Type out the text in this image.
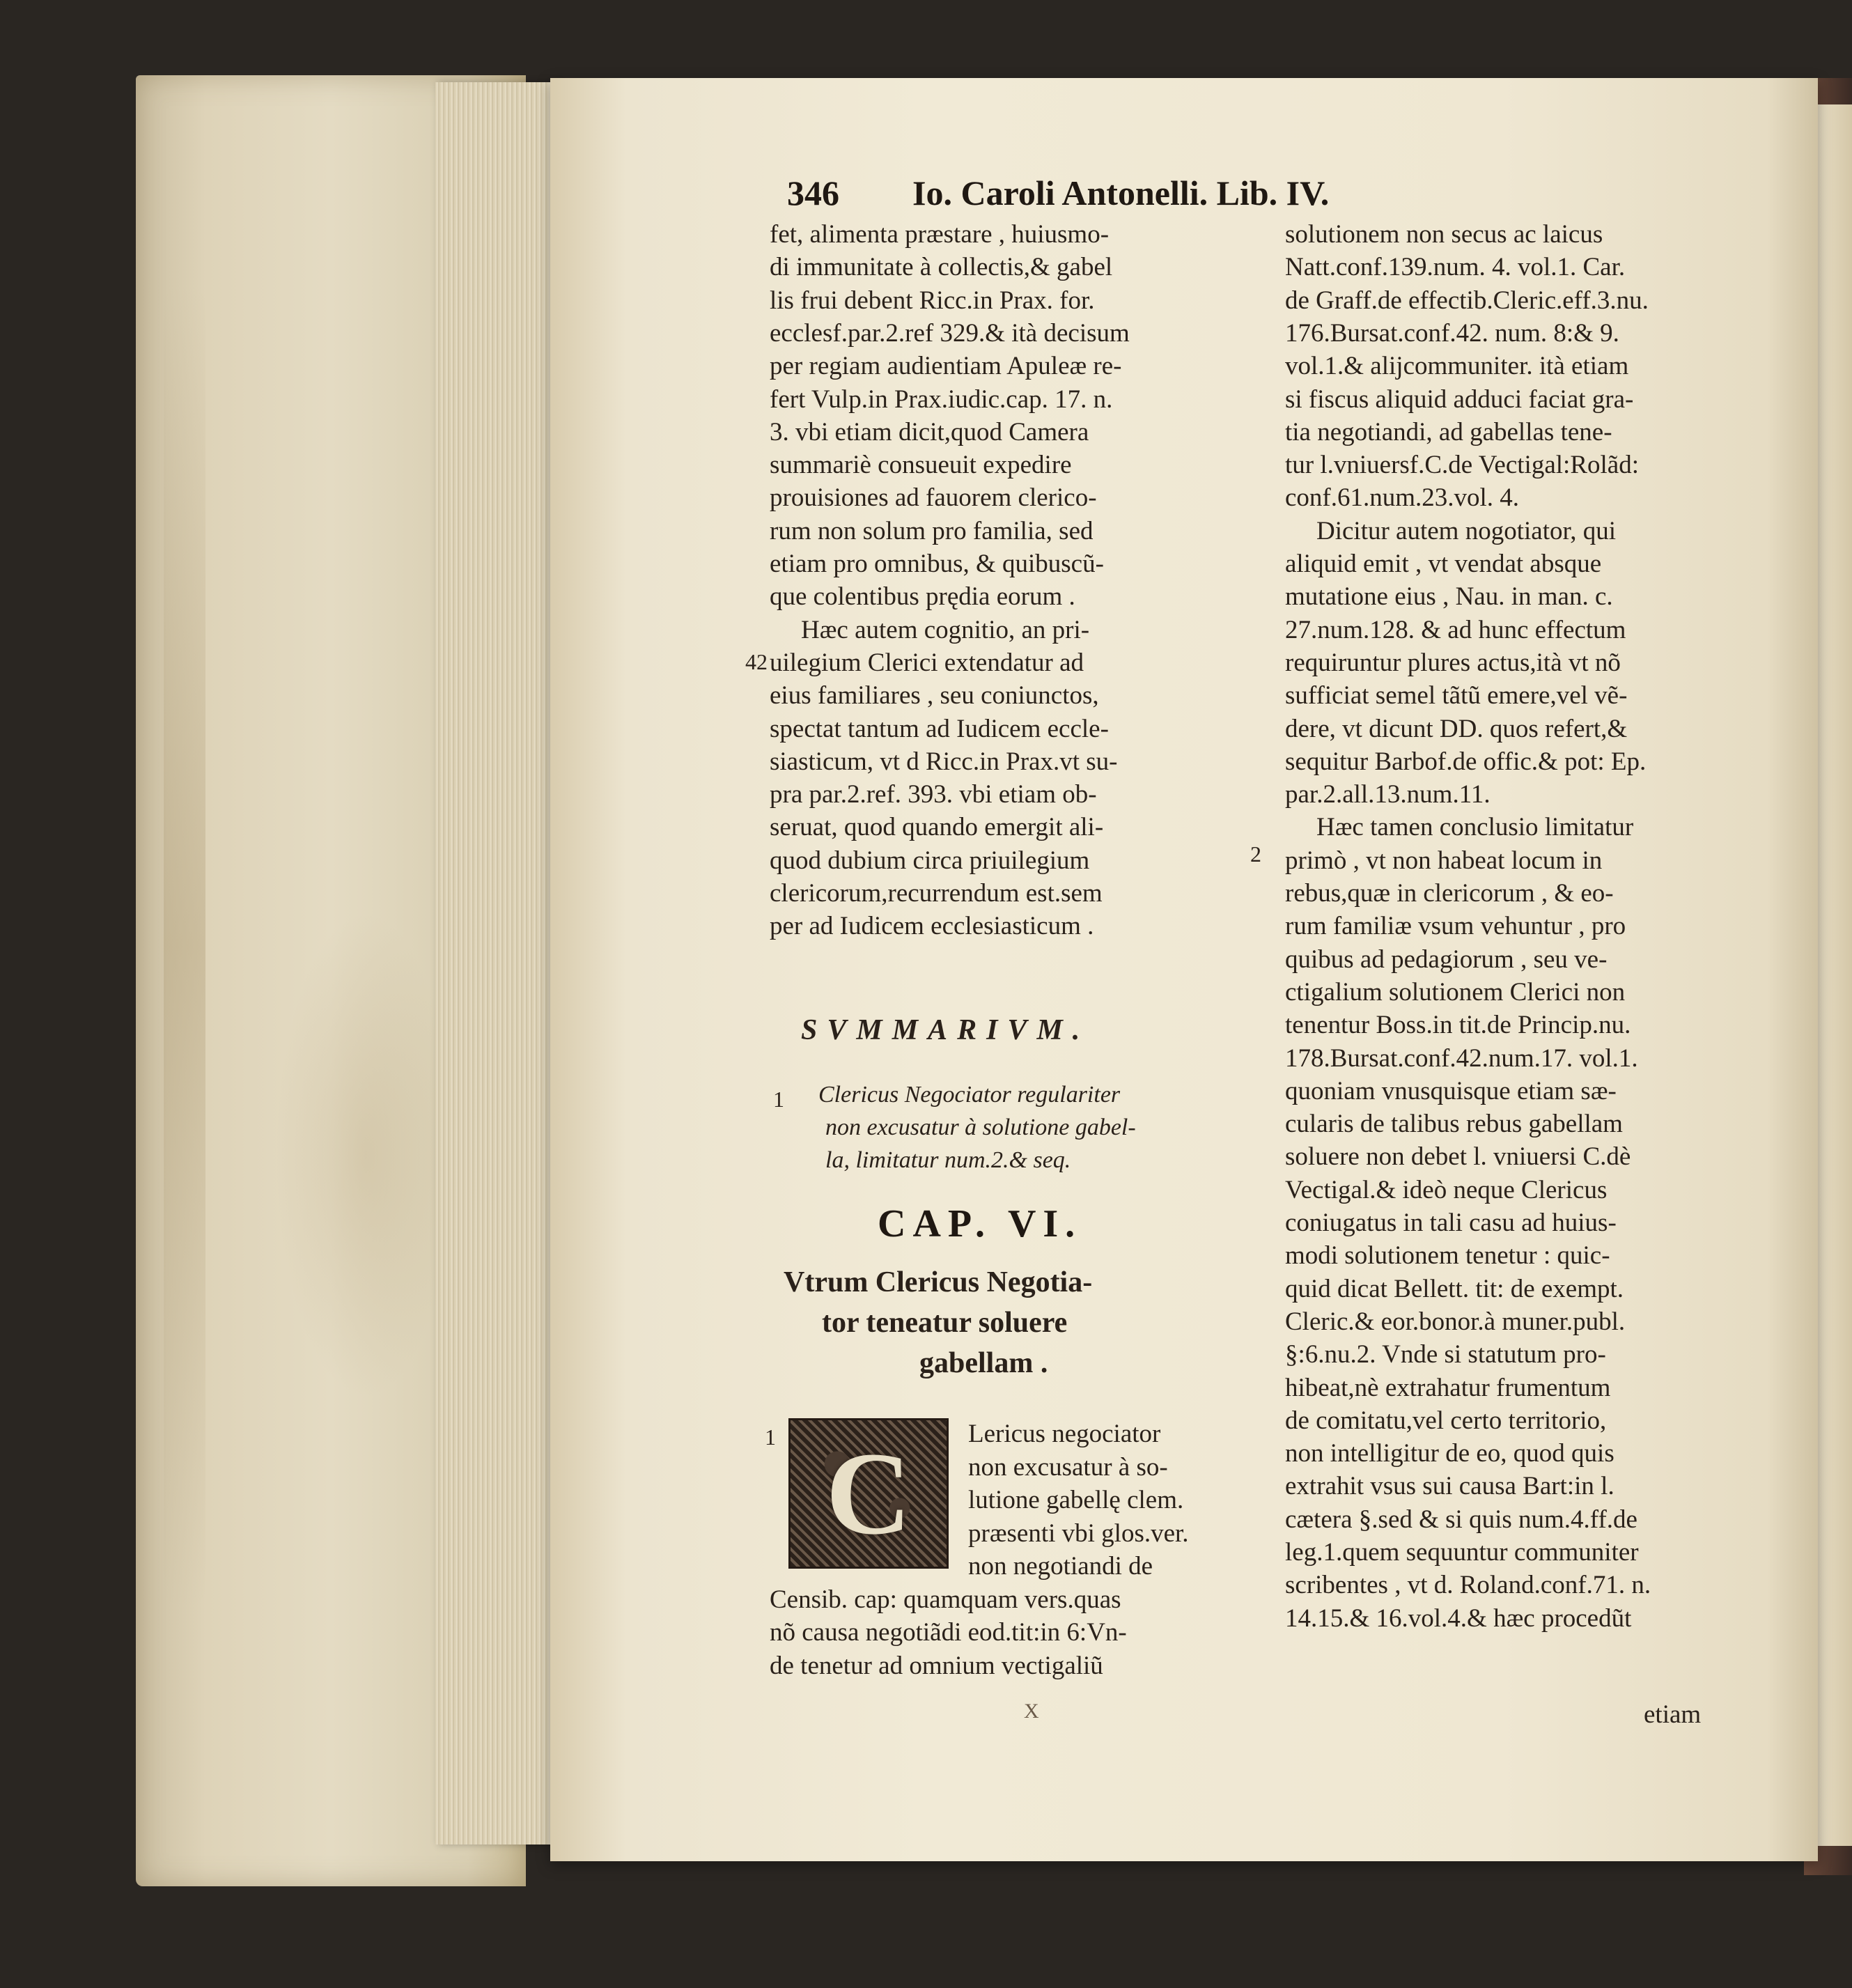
346 Io. Caroli Antonelli. Lib. IV.
fet, alimenta præstare , huiusmo-
di immunitate à collectis,& gabel
lis frui debent Ricc.in Prax. for.
ecclesf.par.2.ref 329.& ità decisum
per regiam audientiam Apuleæ re-
fert Vulp.in Prax.iudic.cap. 17. n.
3. vbi etiam dicit,quod Camera
summariè consueuit expedire
prouisiones ad fauorem clerico-
rum non solum pro familia, sed
etiam pro omnibus, & quibuscũ-
que colentibus prędia eorum .
Hæc autem cognitio, an pri-
uilegium Clerici extendatur ad
eius familiares , seu coniunctos,
spectat tantum ad Iudicem eccle-
siasticum, vt d Ricc.in Prax.vt su-
pra par.2.ref. 393. vbi etiam ob-
seruat, quod quando emergit ali-
quod dubium circa priuilegium
clericorum,recurrendum est.sem
per ad Iudicem ecclesiasticum .
42
SVMMARIVM.
1 Clericus Negociator regulariter
non excusatur à solutione gabel-
la, limitatur num.2.& seq.
CAP. VI.
Vtrum Clericus Negotia-
tor teneatur soluere
gabellam .
1 C	Lericus negociator
non excusatur à so-
lutione gabellę clem.
præsenti vbi glos.ver.
non negotiandi de
Censib. cap: quamquam vers.quas
nõ causa negotiãdi eod.tit:in 6:Vn-
de tenetur ad omnium vectigaliũ
solutionem non secus ac laicus
Natt.conf.139.num. 4. vol.1. Car.
de Graff.de effectib.Cleric.eff.3.nu.
176.Bursat.conf.42. num. 8:& 9.
vol.1.& alijcommuniter. ità etiam
si fiscus aliquid adduci faciat gra-
tia negotiandi, ad gabellas tene-
tur l.vniuersf.C.de Vectigal:Rolãd:
conf.61.num.23.vol. 4.
Dicitur autem nogotiator, qui
aliquid emit , vt vendat absque
mutatione eius , Nau. in man. c.
27.num.128. & ad hunc effectum
requiruntur plures actus,ità vt nõ
sufficiat semel tãtũ emere,vel vẽ-
dere, vt dicunt DD. quos refert,&
sequitur Barbof.de offic.& pot: Ep.
par.2.all.13.num.11.
Hæc tamen conclusio limitatur
primò , vt non habeat locum in
rebus,quæ in clericorum , & eo-
rum familiæ vsum vehuntur , pro
quibus ad pedagiorum , seu ve-
ctigalium solutionem Clerici non
tenentur Boss.in tit.de Princip.nu.
178.Bursat.conf.42.num.17. vol.1.
quoniam vnusquisque etiam sæ-
cularis de talibus rebus gabellam
soluere non debet l. vniuersi C.dè
Vectigal.& ideò neque Clericus
coniugatus in tali casu ad huius-
modi solutionem tenetur : quic-
quid dicat Bellett. tit: de exempt.
Cleric.& eor.bonor.à muner.publ.
§:6.nu.2. Vnde si statutum pro-
hibeat,nè extrahatur frumentum
de comitatu,vel certo territorio,
non intelligitur de eo, quod quis
extrahit vsus sui causa Bart:in l.
cætera §.sed & si quis num.4.ff.de
leg.1.quem sequuntur communiter
scribentes , vt d. Roland.conf.71. n.
14.15.& 16.vol.4.& hæc procedũt
2
etiam
X
